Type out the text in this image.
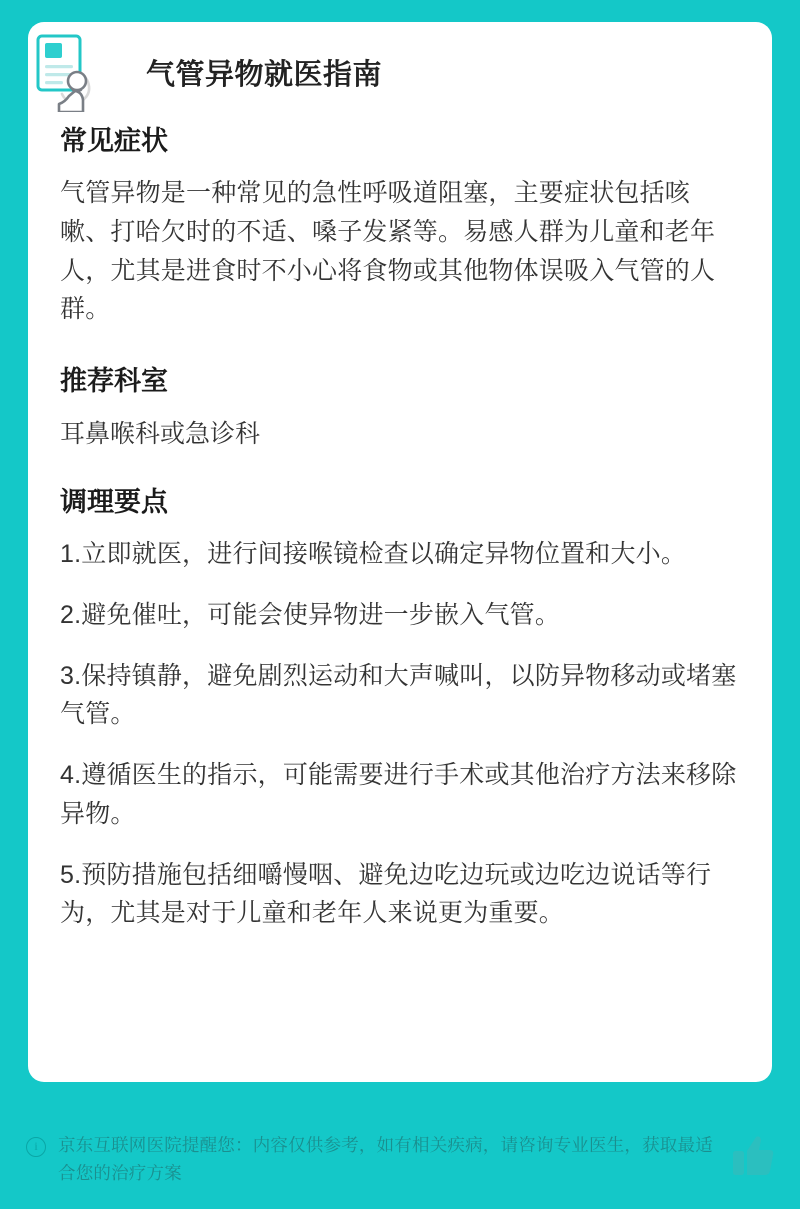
气管异物就医指南
常见症状

气管异物是一种常见的急性呼吸道阻塞，主要症状包括咳嗽、打哈欠时的不适、嗓子发紧等。易感人群为儿童和老年人，尤其是进食时不小心将食物或其他物体误吸入气管的人群。

推荐科室

耳鼻喉科或急诊科

调理要点

1.立即就医，进行间接喉镜检查以确定异物位置和大小。

2.避免催吐，可能会使异物进一步嵌入气管。

3.保持镇静，避免剧烈运动和大声喊叫，以防异物移动或堵塞气管。

4.遵循医生的指示，可能需要进行手术或其他治疗方法来移除异物。

5.预防措施包括细嚼慢咽、避免边吃边玩或边吃边说话等行为，尤其是对于儿童和老年人来说更为重要。

i	京东互联网医院提醒您：内容仅供参考，如有相关疾病，请咨询专业医生，获取最适合您的治疗方案
